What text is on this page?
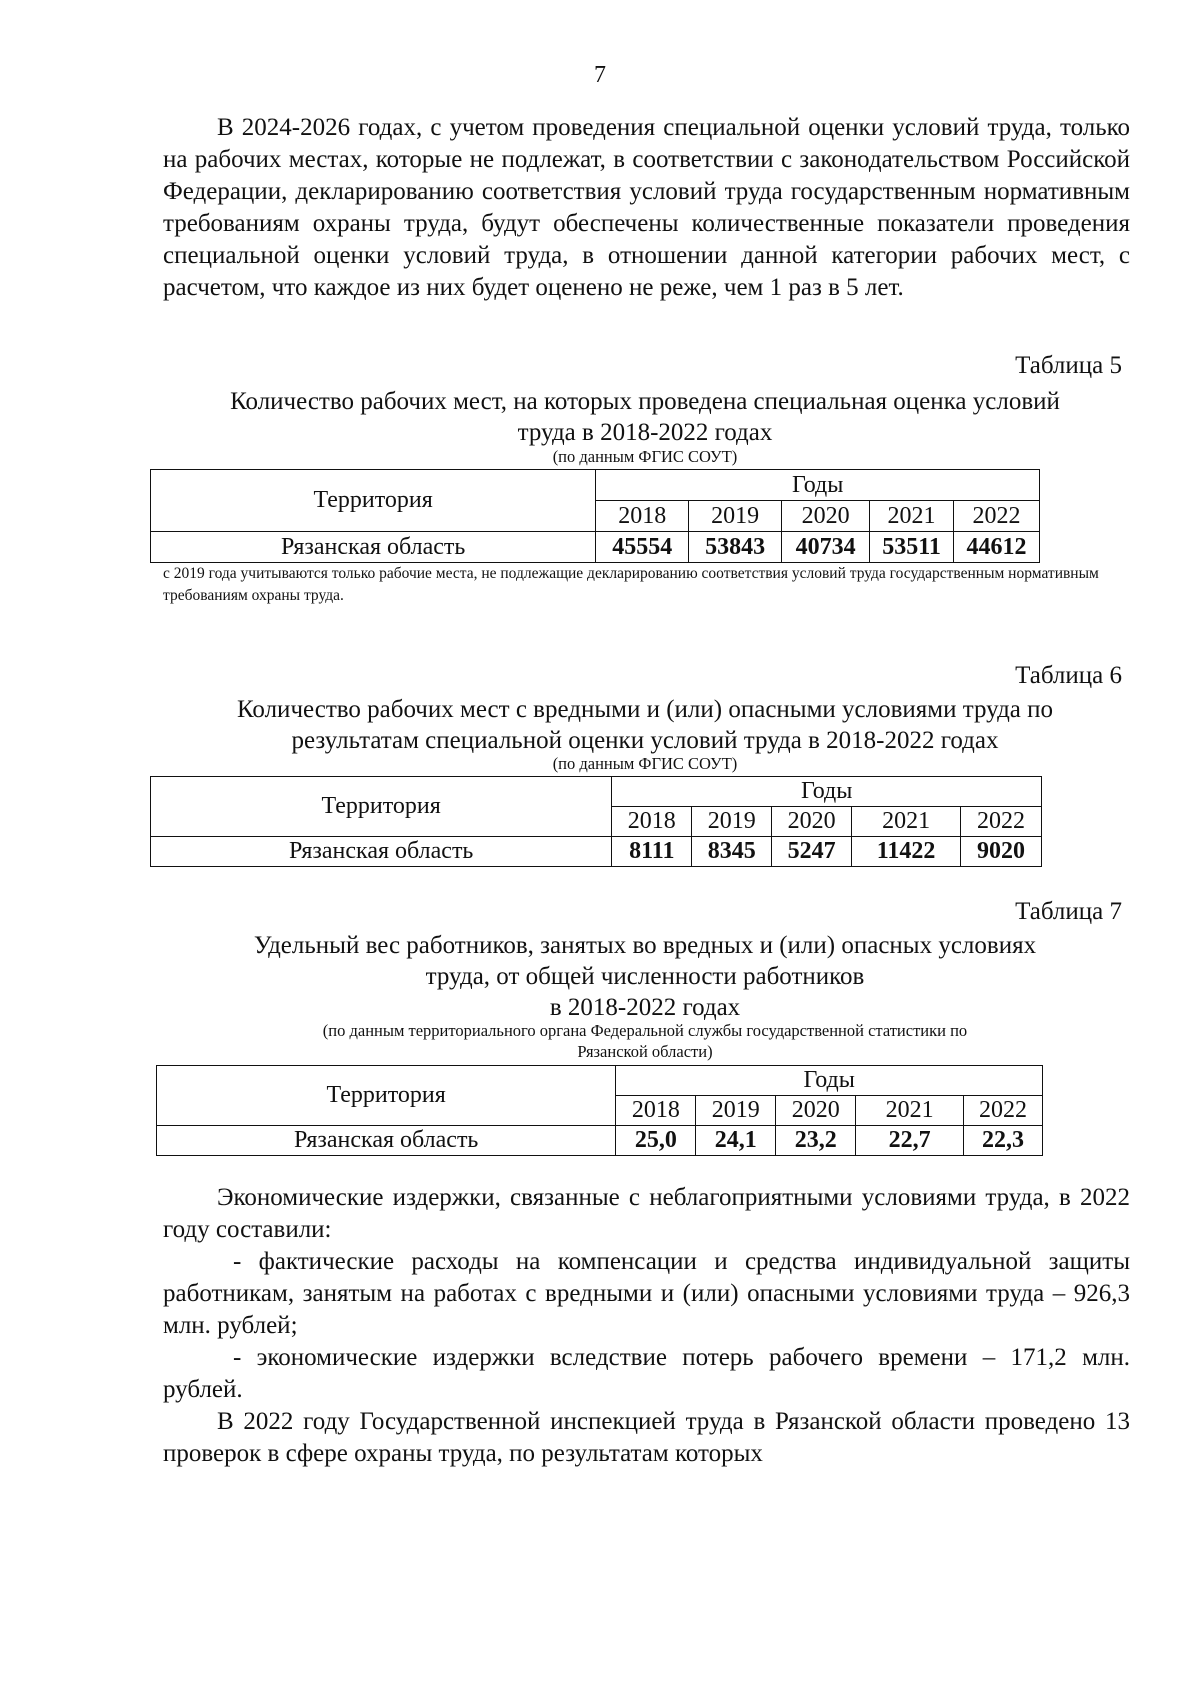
7

В 2024-2026 годах, с учетом проведения специальной оценки условий труда, только на рабочих местах, которые не подлежат, в соответствии с законодательством Российской Федерации, декларированию соответствия условий труда государственным нормативным требованиям охраны труда, будут обеспечены количественные показатели проведения специальной оценки условий труда, в отношении данной категории рабочих мест, с расчетом, что каждое из них будет оценено не реже, чем 1 раз в 5 лет.

Таблица 5

Количество рабочих мест, на которых проведена специальная оценка условий
труда в 2018-2022 годах

(по данным ФГИС СОУТ)

Территория	Годы				
	2018	2019	2020	2021	2022
Рязанская область	45554	53843	40734	53511	44612

с 2019 года учитываются только рабочие места, не подлежащие декларированию соответствия условий труда государственным нормативным требованиям охраны труда.

Таблица 6

Количество рабочих мест с вредными и (или) опасными условиями труда по
результатам специальной оценки условий труда в 2018-2022 годах

(по данным ФГИС СОУТ)

Территория	Годы				
	2018	2019	2020	2021	2022
Рязанская область	8111	8345	5247	11422	9020
Таблица 7

Удельный вес работников, занятых во вредных и (или) опасных условиях
труда, от общей численности работников
в 2018-2022 годах

(по данным территориального органа Федеральной службы государственной статистики по
Рязанской области)

Территория	Годы				
	2018	2019	2020	2021	2022
Рязанская область	25,0	24,1	23,2	22,7	22,3

Экономические издержки, связанные с неблагоприятными условиями труда, в 2022 году составили:

- фактические расходы на компенсации и средства индивидуальной защиты работникам, занятым на работах с вредными и (или) опасными условиями труда – 926,3 млн. рублей;

- экономические издержки вследствие потерь рабочего времени – 171,2 млн. рублей.

В 2022 году Государственной инспекцией труда в Рязанской области проведено 13 проверок в сфере охраны труда, по результатам которых
